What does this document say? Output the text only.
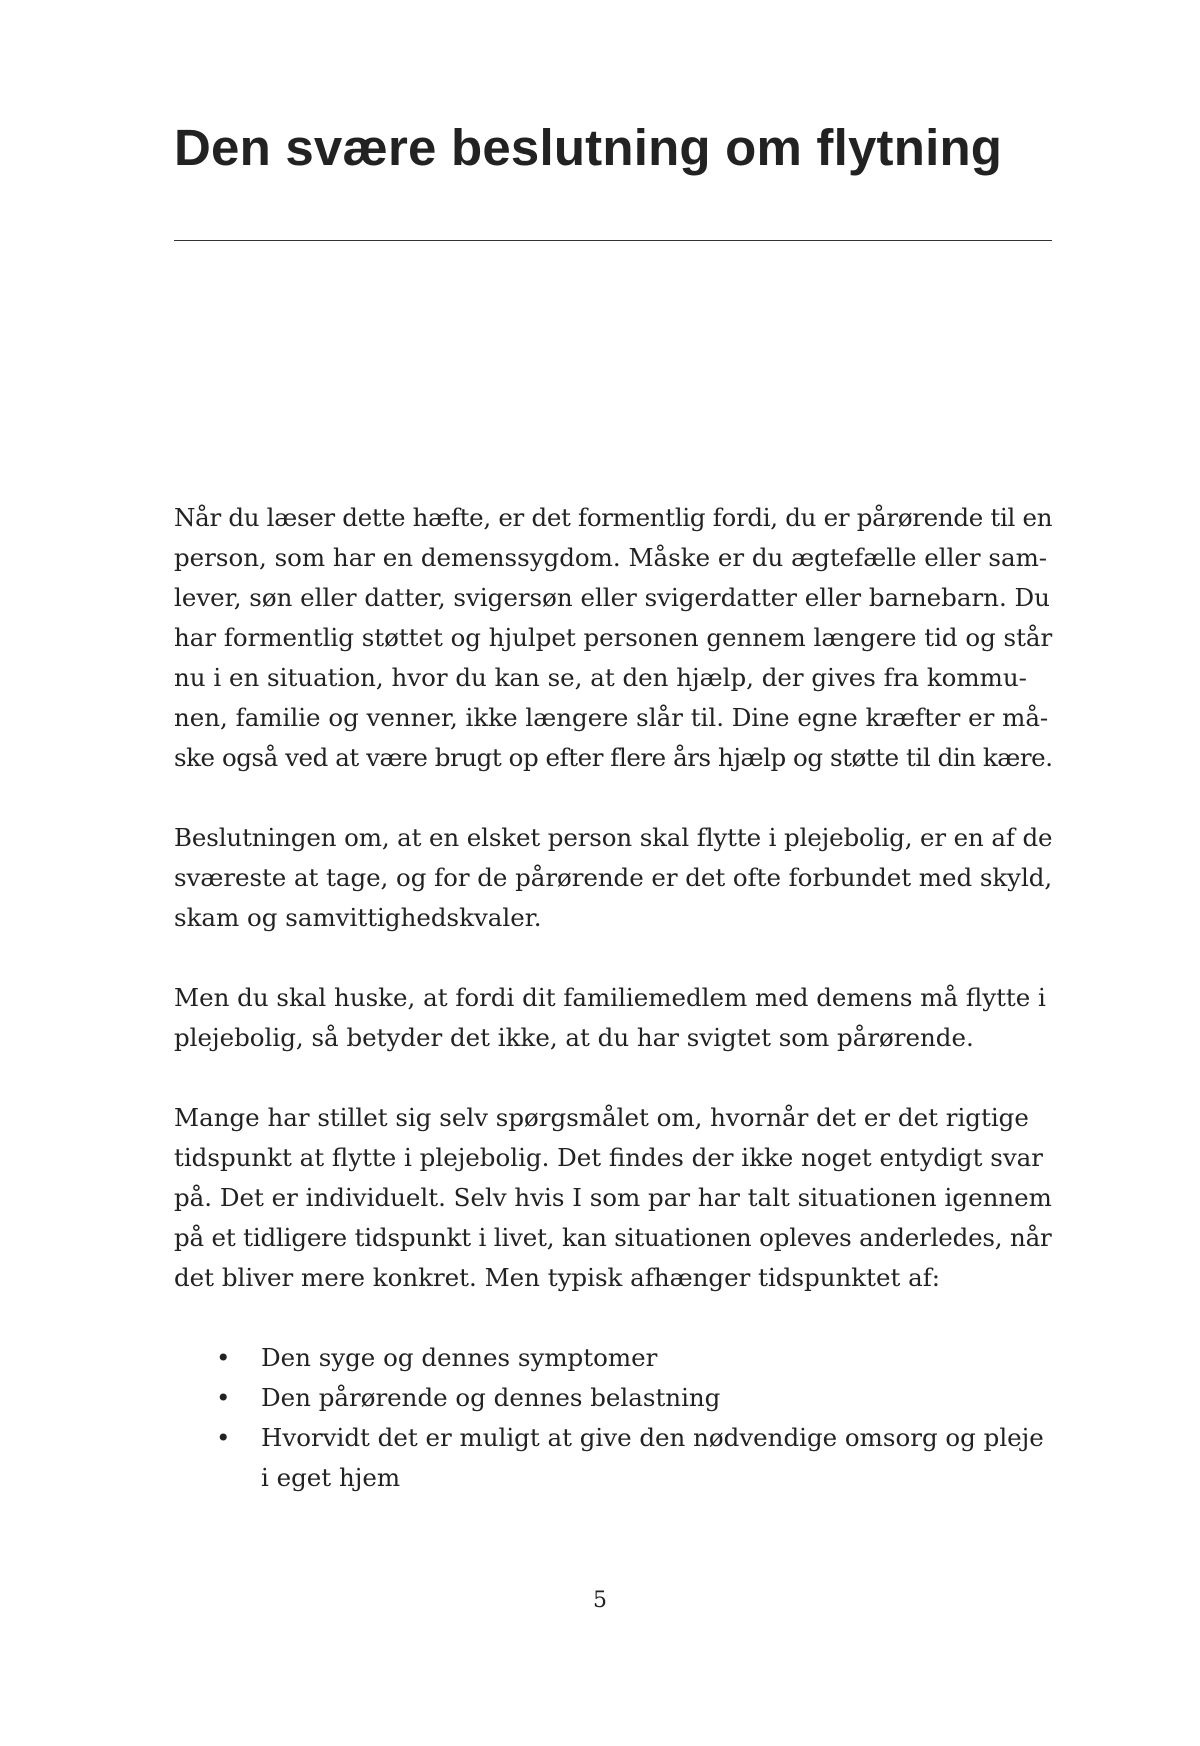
Den svære beslutning om flytning

Når du læser dette hæfte, er det formentlig fordi, du er pårørende til en
person, som har en demenssygdom. Måske er du ægtefælle eller sam-
lever, søn eller datter, svigersøn eller svigerdatter eller barnebarn. Du
har formentlig støttet og hjulpet personen gennem længere tid og står
nu i en situation, hvor du kan se, at den hjælp, der gives fra kommu-
nen, familie og venner, ikke længere slår til. Dine egne kræfter er må-
ske også ved at være brugt op efter flere års hjælp og støtte til din kære.

Beslutningen om, at en elsket person skal flytte i plejebolig, er en af de
sværeste at tage, og for de pårørende er det ofte forbundet med skyld,
skam og samvittighedskvaler.

Men du skal huske, at fordi dit familiemedlem med demens må flytte i
plejebolig, så betyder det ikke, at du har svigtet som pårørende.

Mange har stillet sig selv spørgsmålet om, hvornår det er det rigtige
tidspunkt at flytte i plejebolig. Det findes der ikke noget entydigt svar
på. Det er individuelt. Selv hvis I som par har talt situationen igennem
på et tidligere tidspunkt i livet, kan situationen opleves anderledes, når
det bliver mere konkret. Men typisk afhænger tidspunktet af:

• Den syge og dennes symptomer
• Den pårørende og dennes belastning
• Hvorvidt det er muligt at give den nødvendige omsorg og pleje i eget hjem
5
